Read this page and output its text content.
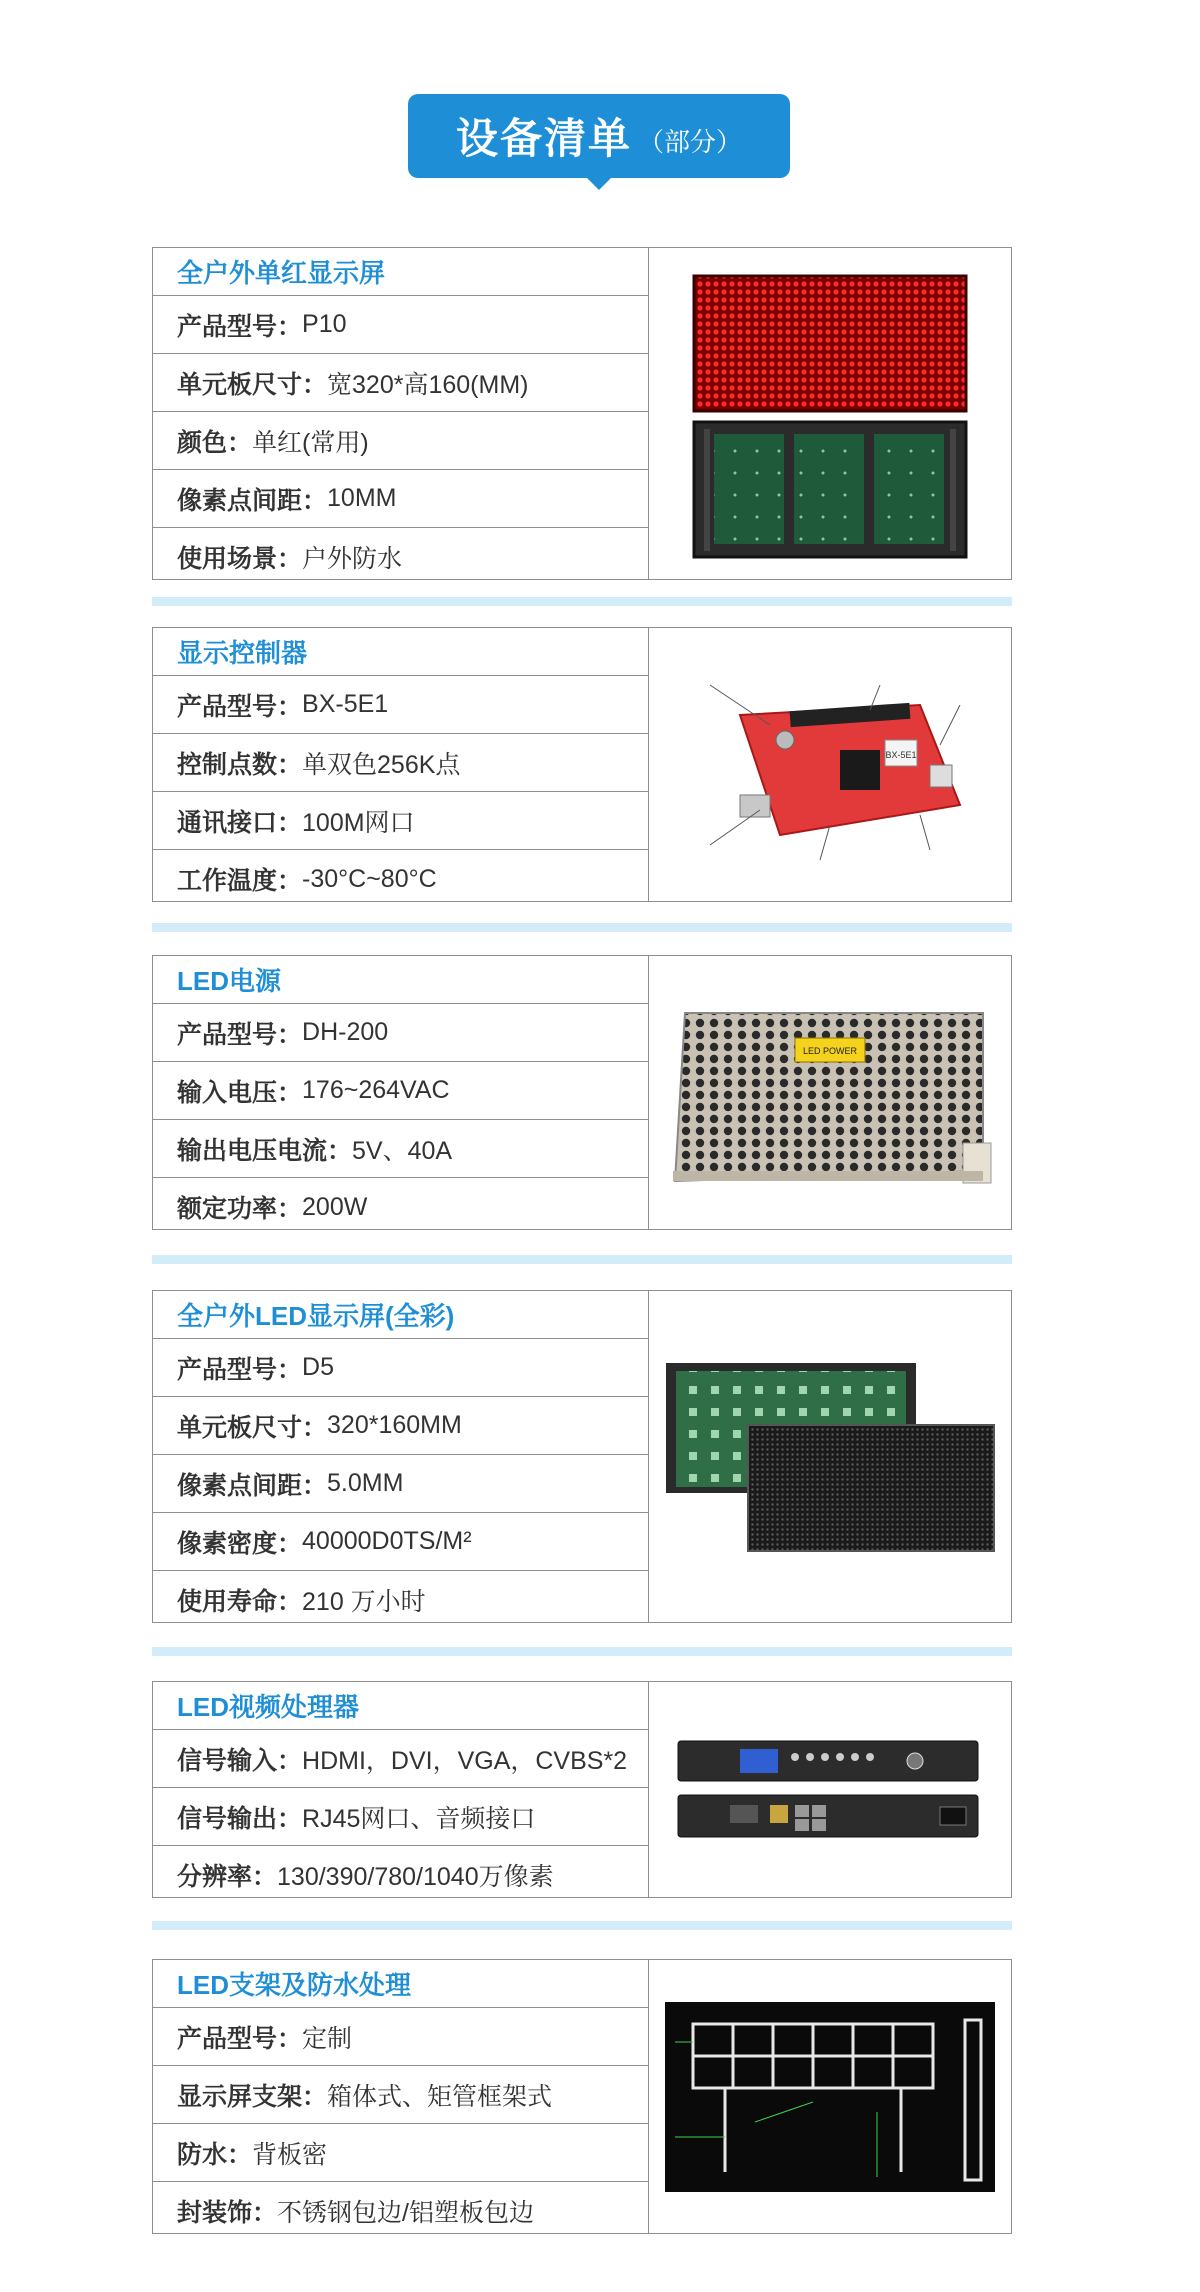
设备清单 （部分）
全户外单红显示屏
产品型号： P10
单元板尺寸： 宽320*高160(MM)
颜色： 单红(常用)
像素点间距： 10MM
使用场景： 户外防水
显示控制器
产品型号： BX-5E1
控制点数： 单双色256K点
通讯接口： 100M网口
工作温度： -30°C~80°C
BX-5E1
LED电源
产品型号： DH-200
输入电压： 176~264VAC
输出电压电流： 5V、40A
额定功率： 200W
LED POWER
全户外LED显示屏(全彩)
产品型号： D5
单元板尺寸： 320*160MM
像素点间距： 5.0MM
像素密度： 40000D0TS/M²
使用寿命： 210 万小时
LED视频处理器
信号输入： HDMI，DVI，VGA，CVBS*2
信号输出： RJ45网口、音频接口
分辨率： 130/390/780/1040万像素
LED支架及防水处理
产品型号： 定制
显示屏支架： 箱体式、矩管框架式
防水： 背板密
封装饰： 不锈钢包边/铝塑板包边
